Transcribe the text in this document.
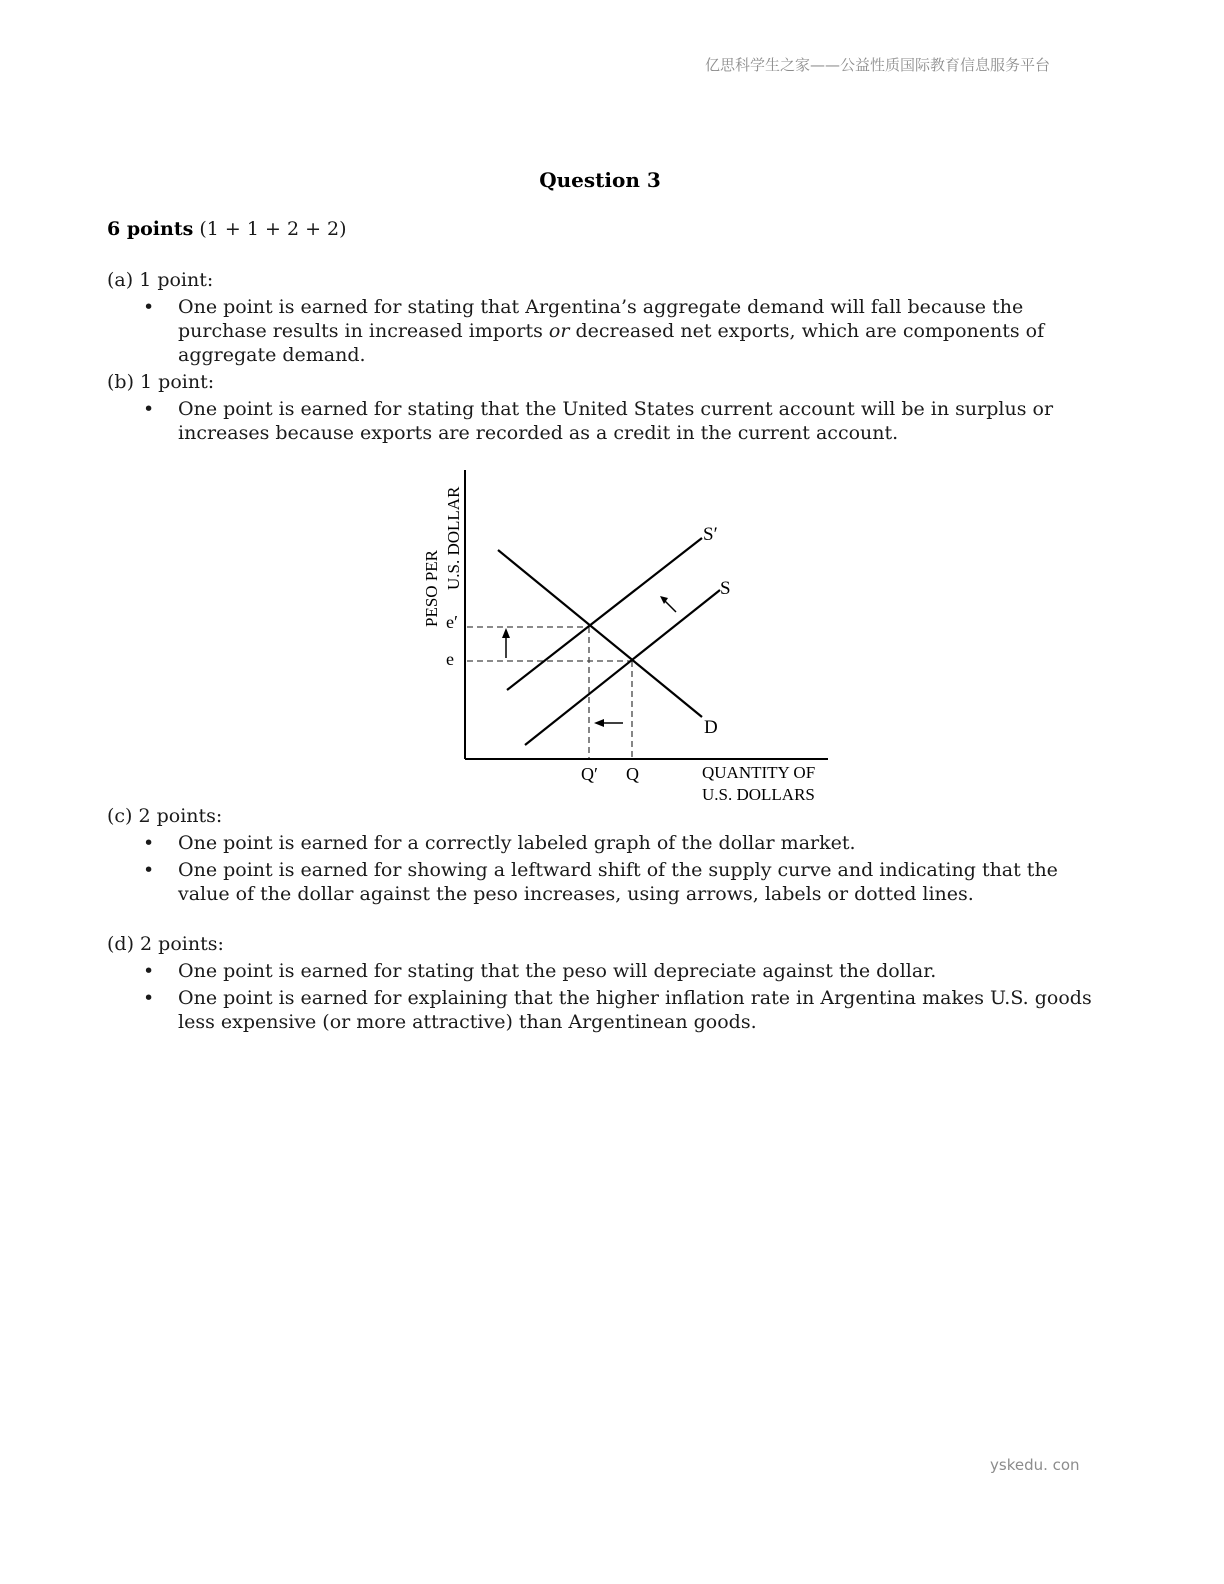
亿思科学生之家——公益性质国际教育信息服务平台
Question 3
6 points (1 + 1 + 2 + 2)
(a) 1 point:
• One point is earned for stating that Argentina’s aggregate demand will fall because the purchase results in increased imports or decreased net exports, which are components of aggregate demand.
(b) 1 point:
• One point is earned for stating that the United States current account will be in surplus or increases because exports are recorded as a credit in the current account.
PESO PER U.S. DOLLAR	S′
S
D
e′
e
Q′ Q	QUANTITY OF
U.S. DOLLARS
(c) 2 points:
• One point is earned for a correctly labeled graph of the dollar market.
• One point is earned for showing a leftward shift of the supply curve and indicating that the value of the dollar against the peso increases, using arrows, labels or dotted lines.
(d) 2 points:
• One point is earned for stating that the peso will depreciate against the dollar.
• One point is earned for explaining that the higher inflation rate in Argentina makes U.S. goods less expensive (or more attractive) than Argentinean goods.
yskedu. con
